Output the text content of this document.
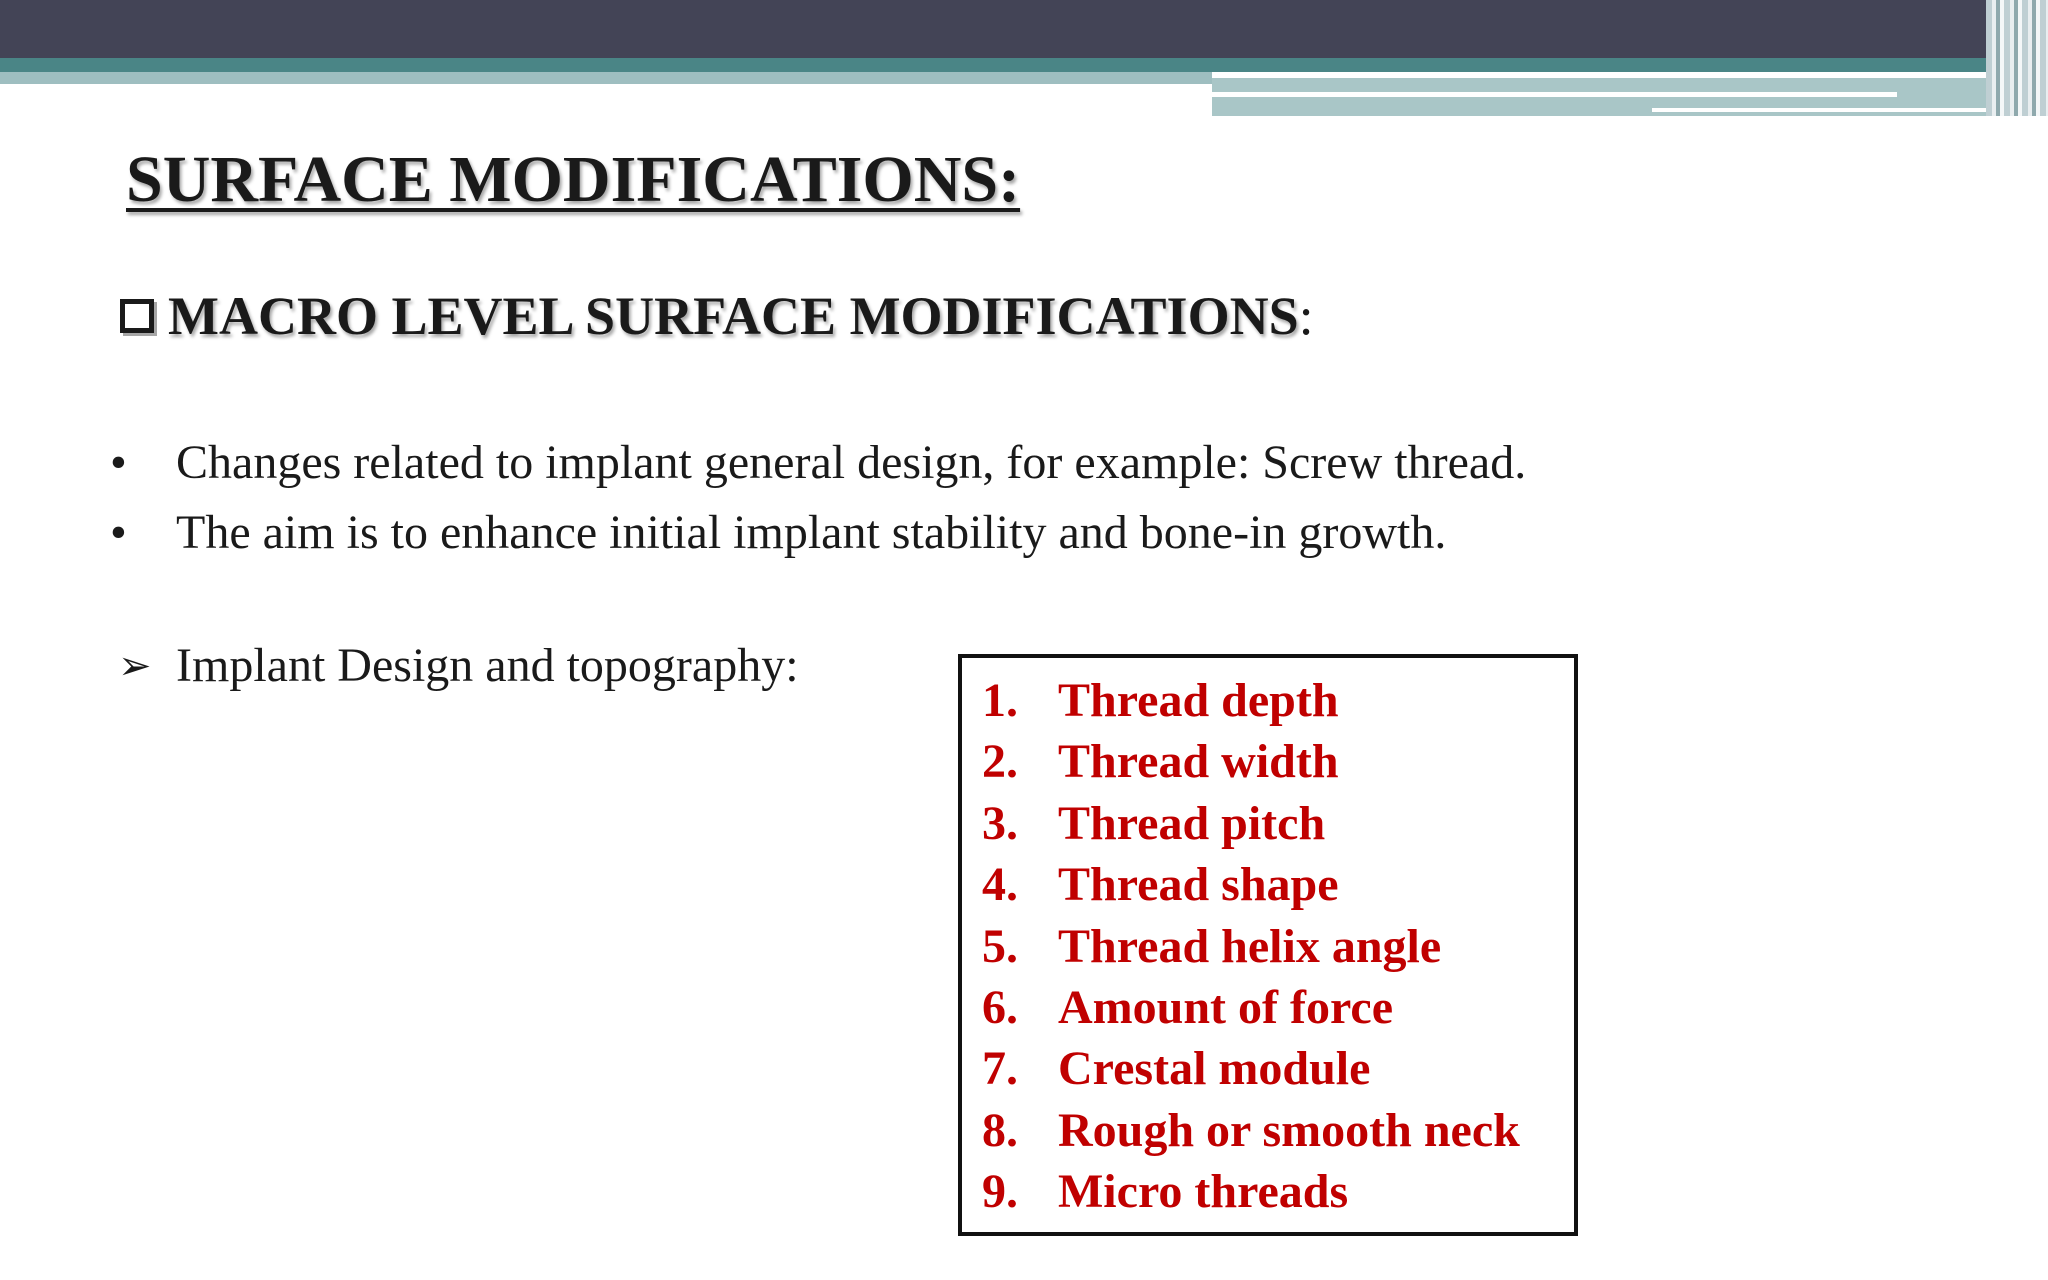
SURFACE MODIFICATIONS:
MACRO LEVEL SURFACE MODIFICATIONS :
•	Changes related to implant general design, for example: Screw thread.
•	The aim is to enhance initial implant stability and bone-in growth.
➢ Implant Design and topography:
1. Thread depth
2. Thread width
3. Thread pitch
4. Thread shape
5. Thread helix angle
6. Amount of force
7. Crestal module
8. Rough or smooth neck
9. Micro threads
